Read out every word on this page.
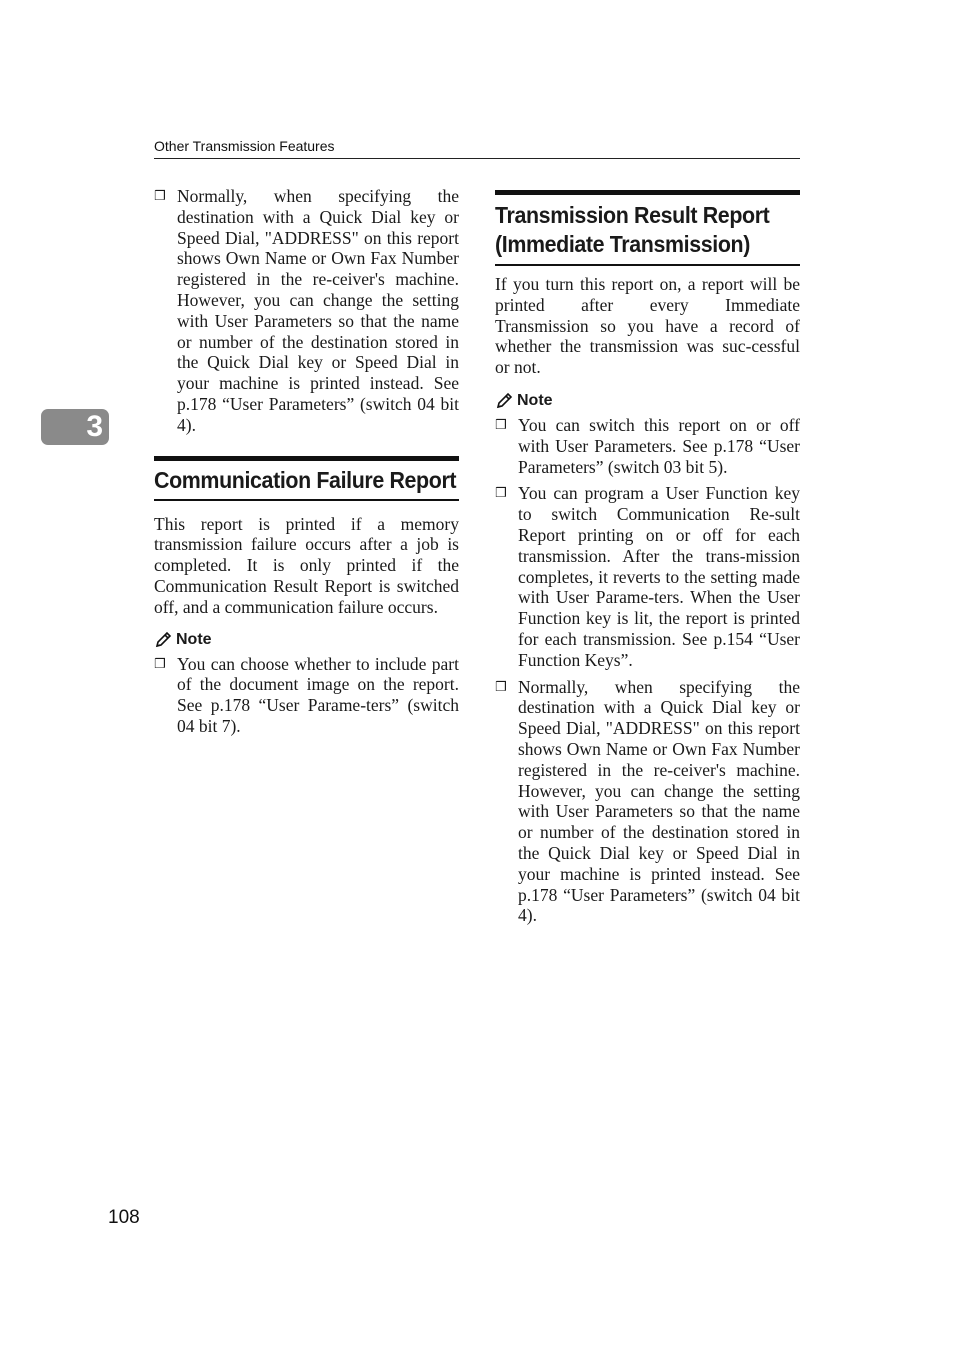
Other Transmission Features
3

❒ Normally, when specifying the destination with a Quick Dial key or Speed Dial, "ADDRESS" on this report shows Own Name or Own Fax Number registered in the re-ceiver's machine. However, you can change the setting with User Parameters so that the name or number of the destination stored in the Quick Dial key or Speed Dial in your machine is printed instead. See p.178 “User Parameters” (switch 04 bit 4).

Communication Failure Report

This report is printed if a memory transmission failure occurs after a job is completed. It is only printed if the Communication Result Report is switched off, and a communication failure occurs.

Note

❒ You can choose whether to include part of the document image on the report. See p.178 “User Parame-ters” (switch 04 bit 7).

Transmission Result Report
(Immediate Transmission)

If you turn this report on, a report will be printed after every Immediate Transmission so you have a record of whether the transmission was suc-cessful or not.

Note

❒ You can switch this report on or off with User Parameters. See p.178 “User Parameters” (switch 03 bit 5).

❒ You can program a User Function key to switch Communication Re-sult Report printing on or off for each transmission. After the trans-mission completes, it reverts to the setting made with User Parame-ters. When the User Function key is lit, the report is printed for each transmission. See p.154 “User Function Keys”.

❒ Normally, when specifying the destination with a Quick Dial key or Speed Dial, "ADDRESS" on this report shows Own Name or Own Fax Number registered in the re-ceiver's machine. However, you can change the setting with User Parameters so that the name or number of the destination stored in the Quick Dial key or Speed Dial in your machine is printed instead. See p.178 “User Parameters” (switch 04 bit 4).

108
